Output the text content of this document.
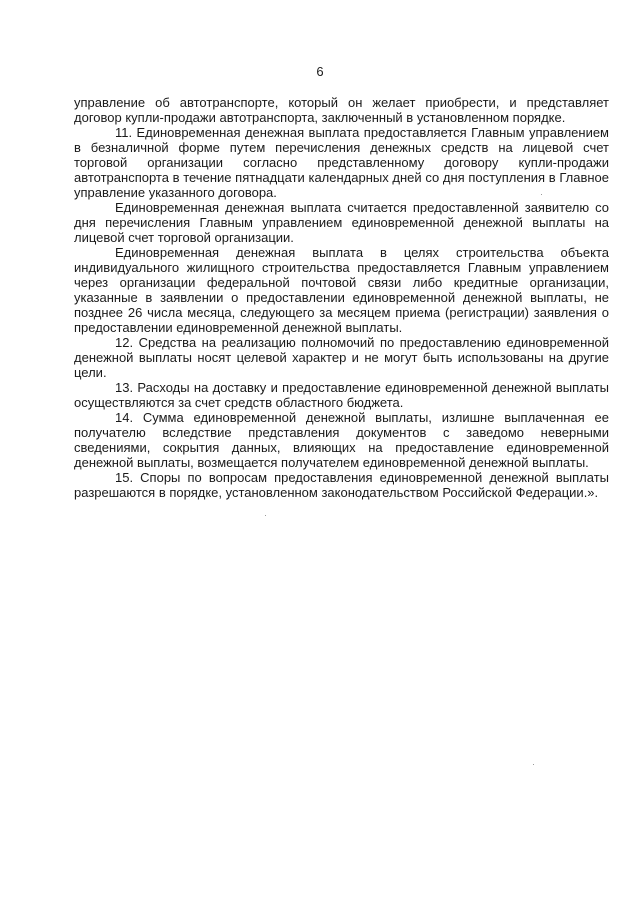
6

управление об автотранспорте, который он желает приобрести, и представляет договор купли-продажи автотранспорта, заключенный в установленном порядке.

11. Единовременная денежная выплата предоставляется Главным управлением в безналичной форме путем перечисления денежных средств на лицевой счет торговой организации согласно представленному договору купли-продажи автотранспорта в течение пятнадцати календарных дней со дня поступления в Главное управление указанного договора.

Единовременная денежная выплата считается предоставленной заявителю со дня перечисления Главным управлением единовременной денежной выплаты на лицевой счет торговой организации.

Единовременная денежная выплата в целях строительства объекта индивидуального жилищного строительства предоставляется Главным управлением через организации федеральной почтовой связи либо кредитные организации, указанные в заявлении о предоставлении единовременной денежной выплаты, не позднее 26 числа месяца, следующего за месяцем приема (регистрации) заявления о предоставлении единовременной денежной выплаты.

12. Средства на реализацию полномочий по предоставлению единовременной денежной выплаты носят целевой характер и не могут быть использованы на другие цели.

13. Расходы на доставку и предоставление единовременной денежной выплаты осуществляются за счет средств областного бюджета.

14. Сумма единовременной денежной выплаты, излишне выплаченная ее получателю вследствие представления документов с заведомо неверными сведениями, сокрытия данных, влияющих на предоставление единовременной денежной выплаты, возмещается получателем единовременной денежной выплаты.

15. Споры по вопросам предоставления единовременной денежной выплаты разрешаются в порядке, установленном законодательством Российской Федерации.».
